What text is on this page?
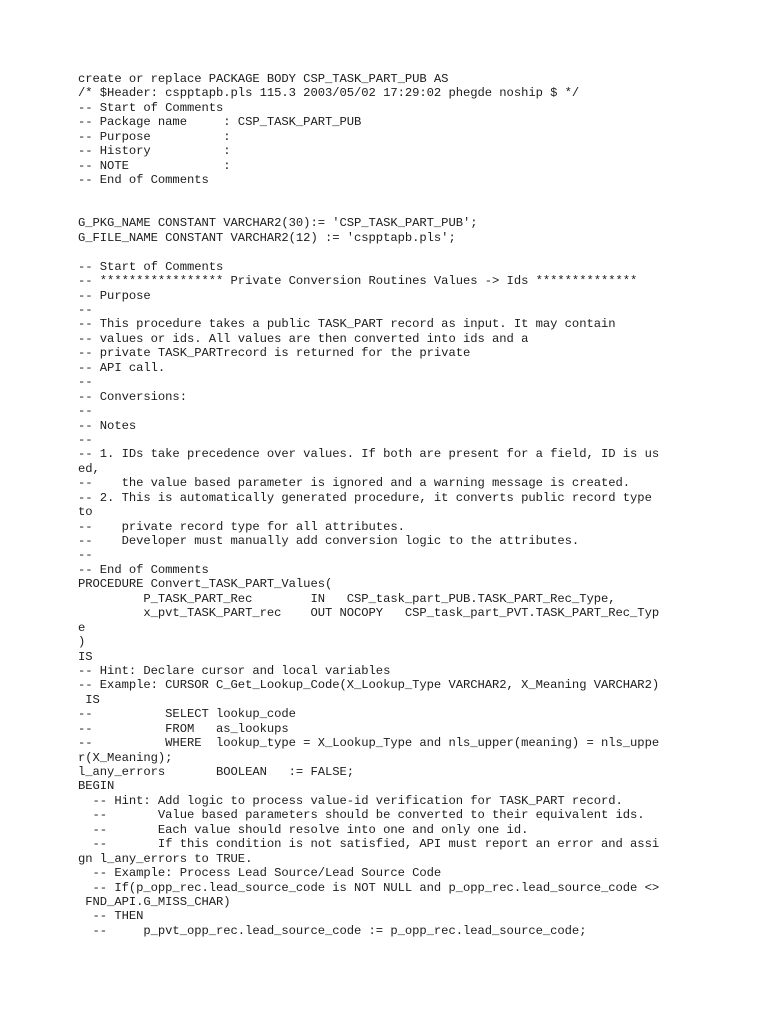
create or replace PACKAGE BODY CSP_TASK_PART_PUB AS
/* $Header: cspptapb.pls 115.3 2003/05/02 17:29:02 phegde noship $ */
-- Start of Comments
-- Package name     : CSP_TASK_PART_PUB
-- Purpose          :
-- History          :
-- NOTE             :
-- End of Comments
G_PKG_NAME CONSTANT VARCHAR2(30):= 'CSP_TASK_PART_PUB';
G_FILE_NAME CONSTANT VARCHAR2(12) := 'cspptapb.pls';
-- Start of Comments
-- ***************** Private Conversion Routines Values -> Ids **************
-- Purpose
--
-- This procedure takes a public TASK_PART record as input. It may contain
-- values or ids. All values are then converted into ids and a
-- private TASK_PARTrecord is returned for the private
-- API call.
--
-- Conversions:
--
-- Notes
--
-- 1. IDs take precedence over values. If both are present for a field, ID is us
ed,
--    the value based parameter is ignored and a warning message is created.
-- 2. This is automatically generated procedure, it converts public record type
to
--    private record type for all attributes.
--    Developer must manually add conversion logic to the attributes.
--
-- End of Comments
PROCEDURE Convert_TASK_PART_Values(
P_TASK_PART_Rec        IN   CSP_task_part_PUB.TASK_PART_Rec_Type,
x_pvt_TASK_PART_rec    OUT NOCOPY   CSP_task_part_PVT.TASK_PART_Rec_Typ
e
)
IS
-- Hint: Declare cursor and local variables
-- Example: CURSOR C_Get_Lookup_Code(X_Lookup_Type VARCHAR2, X_Meaning VARCHAR2)
IS
--          SELECT lookup_code
--          FROM   as_lookups
--          WHERE  lookup_type = X_Lookup_Type and nls_upper(meaning) = nls_uppe
r(X_Meaning);
l_any_errors       BOOLEAN   := FALSE;
BEGIN
-- Hint: Add logic to process value-id verification for TASK_PART record.
--       Value based parameters should be converted to their equivalent ids.
--       Each value should resolve into one and only one id.
--       If this condition is not satisfied, API must report an error and assi
gn l_any_errors to TRUE.
-- Example: Process Lead Source/Lead Source Code
-- If(p_opp_rec.lead_source_code is NOT NULL and p_opp_rec.lead_source_code <>
FND_API.G_MISS_CHAR)
-- THEN
--     p_pvt_opp_rec.lead_source_code := p_opp_rec.lead_source_code;
